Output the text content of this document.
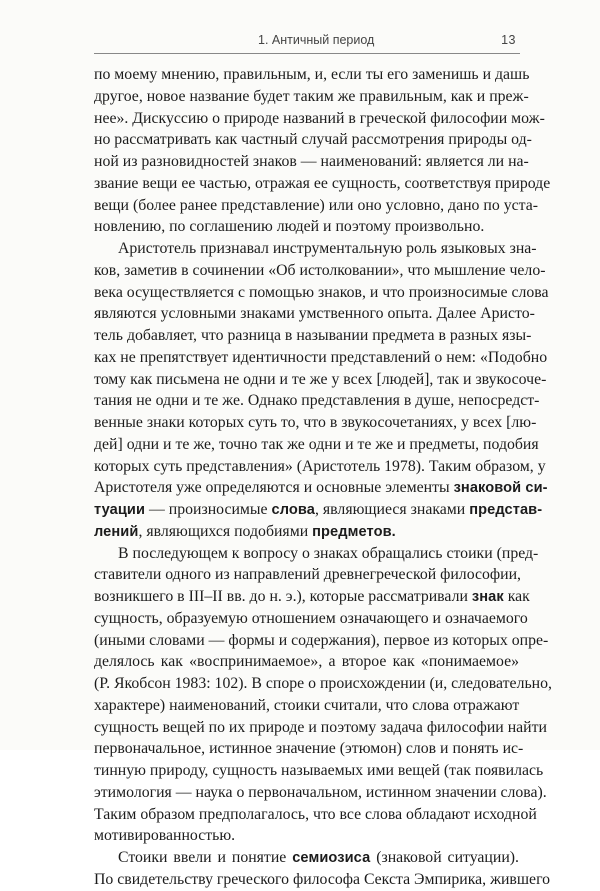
1. Античный период	13
по моему мнению, правильным, и, если ты его заменишь и дашь
другое, новое название будет таким же правильным, как и преж-
нее». Дискуссию о природе названий в греческой философии мож-
но рассматривать как частный случай рассмотрения природы од-
ной из разновидностей знаков — наименований: является ли на-
звание вещи ее частью, отражая ее сущность, соответствуя природе
вещи (более ранее представление) или оно условно, дано по уста-
новлению, по соглашению людей и поэтому произвольно.
Аристотель признавал инструментальную роль языковых зна-
ков, заметив в сочинении «Об истолковании», что мышление чело-
века осуществляется с помощью знаков, и что произносимые слова
являются условными знаками умственного опыта. Далее Аристо-
тель добавляет, что разница в назывании предмета в разных язы-
ках не препятствует идентичности представлений о нем: «Подобно
тому как письмена не одни и те же у всех [людей], так и звукосоче-
тания не одни и те же. Однако представления в душе, непосредст-
венные знаки которых суть то, что в звукосочетаниях, у всех [лю-
дей] одни и те же, точно так же одни и те же и предметы, подобия
которых суть представления» (Аристотель 1978). Таким образом, у
Аристотеля уже определяются и основные элементы знаковой си-
туации — произносимые слова, являющиеся знаками представ-
лений, являющихся подобиями предметов.
В последующем к вопросу о знаках обращались стоики (пред-
ставители одного из направлений древнегреческой философии,
возникшего в III–II вв. до н. э.), которые рассматривали знак как
сущность, образуемую отношением означающего и означаемого
(иными словами — формы и содержания), первое из которых опре-
делялось как «воспринимаемое», а второе как «понимаемое»
(Р. Якобсон 1983: 102). В споре о происхождении (и, следовательно,
характере) наименований, стоики считали, что слова отражают
сущность вещей по их природе и поэтому задача философии найти
первоначальное, истинное значение (этюмон) слов и понять ис-
тинную природу, сущность называемых ими вещей (так появилась
этимология — наука о первоначальном, истинном значении слова).
Таким образом предполагалось, что все слова обладают исходной
мотивированностью.
Стоики ввели и понятие семиозиса (знаковой ситуации).
По свидетельству греческого философа Секста Эмпирика, жившего
